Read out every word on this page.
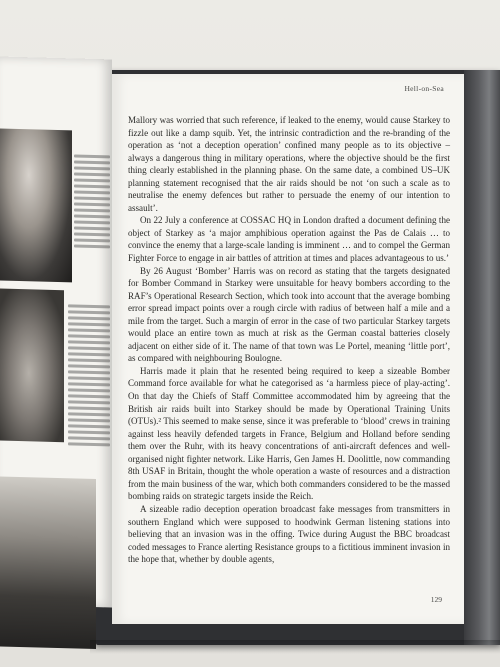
Hell-on-Sea

Mallory was worried that such reference, if leaked to the enemy, would cause Starkey to fizzle out like a damp squib. Yet, the intrinsic contradiction and the re-branding of the operation as ‘not a deception operation’ confined many people as to its objective – always a dangerous thing in military operations, where the objective should be the first thing clearly established in the planning phase. On the same date, a combined US–UK planning statement recognised that the air raids should be not ‘on such a scale as to neutralise the enemy defences but rather to persuade the enemy of our intention to assault’.

On 22 July a conference at COSSAC HQ in London drafted a document defining the object of Starkey as ‘a major amphibious operation against the Pas de Calais … to convince the enemy that a large-scale landing is imminent … and to compel the German Fighter Force to engage in air battles of attrition at times and places advantageous to us.’

By 26 August ‘Bomber’ Harris was on record as stating that the targets designated for Bomber Command in Starkey were unsuitable for heavy bombers according to the RAF’s Operational Research Section, which took into account that the average bombing error spread impact points over a rough circle with radius of between half a mile and a mile from the target. Such a margin of error in the case of two particular Starkey targets would place an entire town as much at risk as the German coastal batteries closely adjacent on either side of it. The name of that town was Le Portel, meaning ‘little port’, as compared with neighbouring Boulogne.

Harris made it plain that he resented being required to keep a sizeable Bomber Command force available for what he categorised as ‘a harmless piece of play-acting’. On that day the Chiefs of Staff Committee accommodated him by agreeing that the British air raids built into Starkey should be made by Operational Training Units (OTUs).² This seemed to make sense, since it was preferable to ‘blood’ crews in training against less heavily defended targets in France, Belgium and Holland before sending them over the Ruhr, with its heavy concentrations of anti-aircraft defences and well-organised night fighter network. Like Harris, Gen James H. Doolittle, now commanding 8th USAF in Britain, thought the whole operation a waste of resources and a distraction from the main business of the war, which both commanders considered to be the massed bombing raids on strategic targets inside the Reich.

A sizeable radio deception operation broadcast fake messages from transmitters in southern England which were supposed to hoodwink German listening stations into believing that an invasion was in the offing. Twice during August the BBC broadcast coded messages to France alerting Resistance groups to a fictitious imminent invasion in the hope that, whether by double agents,

129
